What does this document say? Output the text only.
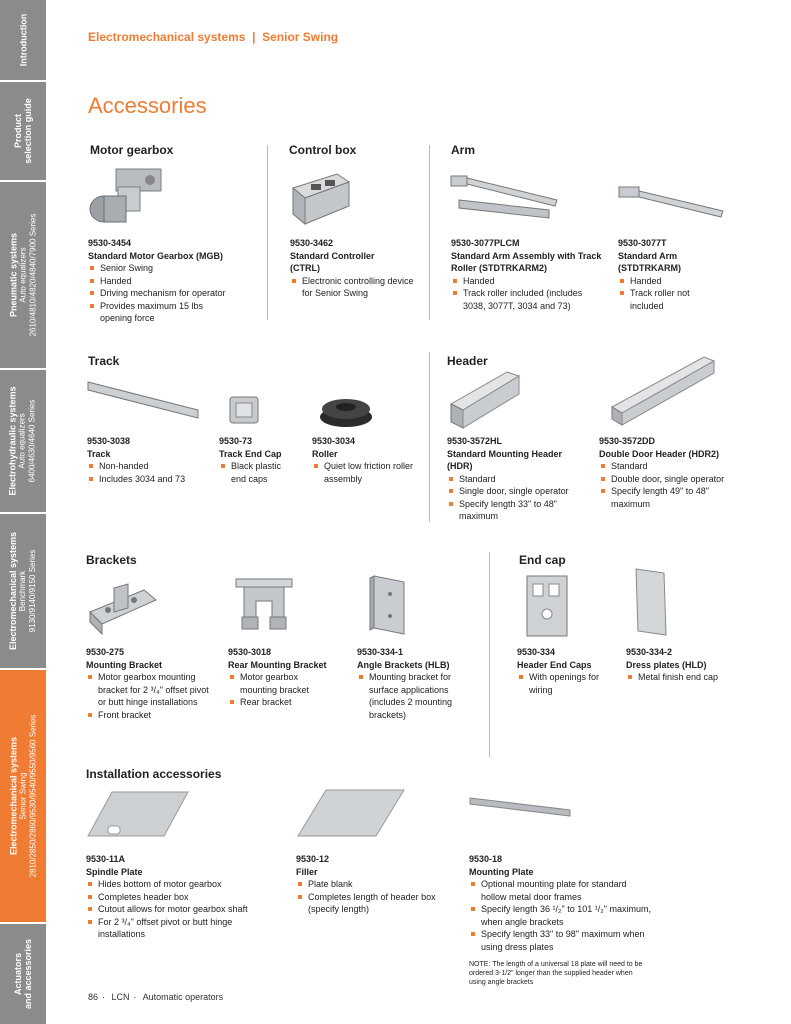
Introduction
Product selection guide
Pneumatic systems Auto equalizers 2610/4810/4820/4840/7900 Series
Electrohydraulic systems Auto equalizers 6400/4630/4640 Series
Electromechanical systems Benchmark 9130/9140/9150 Series
Electromechanical systems Senior Swing 2810/2850/2860/9530/9540/9550/9560 Series
Actuators and accessories
Electromechanical systems  |  Senior Swing
Accessories
Motor gearbox	Control box	Arm
Track	Header
Brackets	End cap
Installation accessories
9530-3454
Standard Motor Gearbox (MGB)
Senior Swing
Handed
Driving mechanism for operator
Provides maximum 15 lbs opening force
9530-3462
Standard Controller (CTRL)
Electronic controlling device for Senior Swing
9530-3077PLCM
Standard Arm Assembly with Track Roller (STDTRKARM2)
Handed
Track roller included (includes 3038, 3077T, 3034 and 73)
9530-3077T
Standard Arm (STDTRKARM)
Handed
Track roller not included
9530-3038
Track
Non-handed
Includes 3034 and 73
9530-73
Track End Cap
Black plastic end caps
9530-3034
Roller
Quiet low friction roller assembly
9530-3572HL
Standard Mounting Header (HDR)
Standard
Single door, single operator
Specify length 33" to 48" maximum
9530-3572DD
Double Door Header (HDR2)
Standard
Double door, single operator
Specify length 49" to 48" maximum
9530-275
Mounting Bracket
Motor gearbox mounting bracket for 2 ³/₄" offset pivot or butt hinge installations
Front bracket
9530-3018
Rear Mounting Bracket
Motor gearbox mounting bracket
Rear bracket
9530-334-1
Angle Brackets (HLB)
Mounting bracket for surface applications (includes 2 mounting brackets)
9530-334
Header End Caps
With openings for wiring
9530-334-2
Dress plates (HLD)
Metal finish end cap
9530-11A
Spindle Plate
Hides bottom of motor gearbox
Completes header box
Cutout allows for motor gearbox shaft
For 2 ³/₄" offset pivot or butt hinge installations
9530-12
Filler
Plate blank
Completes length of header box (specify length)
9530-18
Mounting Plate
Optional mounting plate for standard hollow metal door frames
Specify length 36 ¹/₂" to 101 ¹/₂" maximum, when angle brackets
Specify length 33" to 98" maximum when using dress plates
NOTE: The length of a universal 18 plate will need to be ordered 3-1/2" longer than the supplied header when using angle brackets
86 · LCN · Automatic operators
